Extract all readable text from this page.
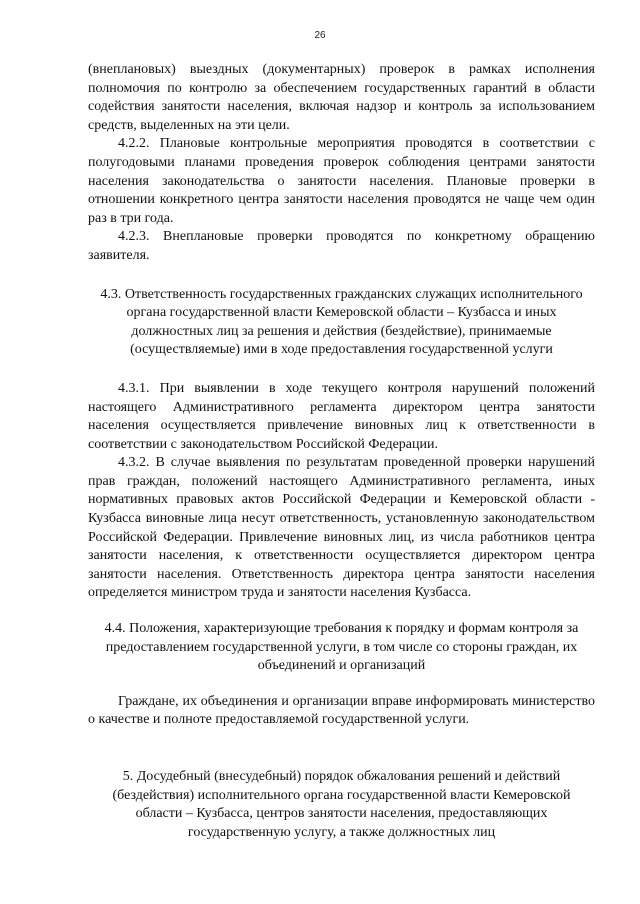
26

(внеплановых) выездных (документарных) проверок в рамках исполнения полномочия по контролю за обеспечением государственных гарантий в области содействия занятости населения, включая надзор и контроль за использованием средств, выделенных на эти цели.

4.2.2. Плановые контрольные мероприятия проводятся в соответствии с полугодовыми планами проведения проверок соблюдения центрами занятости населения законодательства о занятости населения. Плановые проверки в отношении конкретного центра занятости населения проводятся не чаще чем один раз в три года.

4.2.3. Внеплановые проверки проводятся по конкретному обращению заявителя.

4.3. Ответственность государственных гражданских служащих исполнительного органа государственной власти Кемеровской области – Кузбасса и иных должностных лиц за решения и действия (бездействие), принимаемые (осуществляемые) ими в ходе предоставления государственной услуги

4.3.1. При выявлении в ходе текущего контроля нарушений положений настоящего Административного регламента директором центра занятости населения осуществляется привлечение виновных лиц к ответственности в соответствии с законодательством Российской Федерации.

4.3.2. В случае выявления по результатам проведенной проверки нарушений прав граждан, положений настоящего Административного регламента, иных нормативных правовых актов Российской Федерации и Кемеровской области - Кузбасса виновные лица несут ответственность, установленную законодательством Российской Федерации. Привлечение виновных лиц, из числа работников центра занятости населения, к ответственности осуществляется директором центра занятости населения. Ответственность директора центра занятости населения определяется министром труда и занятости населения Кузбасса.

4.4. Положения, характеризующие требования к порядку и формам контроля за предоставлением государственной услуги, в том числе со стороны граждан, их объединений и организаций

Граждане, их объединения и организации вправе информировать министерство о качестве и полноте предоставляемой государственной услуги.

5. Досудебный (внесудебный) порядок обжалования решений и действий (бездействия) исполнительного органа государственной власти Кемеровской области – Кузбасса, центров занятости населения, предоставляющих государственную услугу, а также должностных лиц
